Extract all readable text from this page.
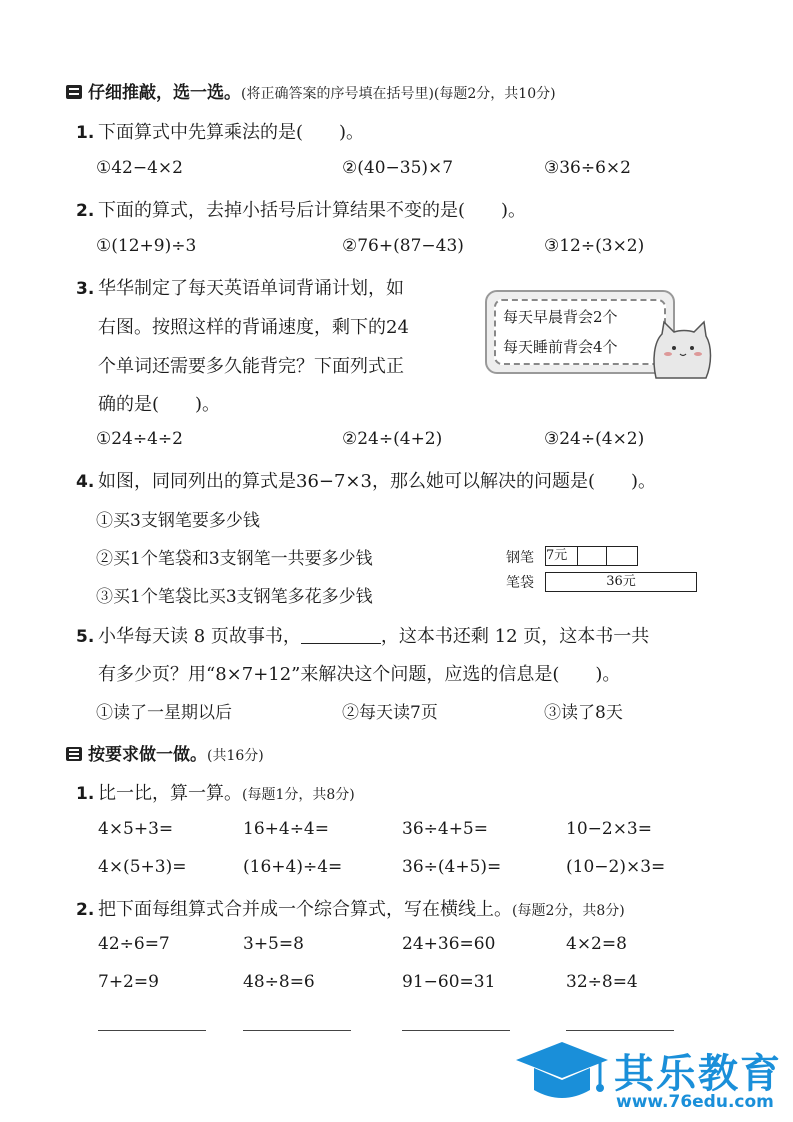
仔细推敲，选一选。(将正确答案的序号填在括号里)(每题2分，共10分)
1. 下面算式中先算乘法的是(　　)。
①42−4×2	②(40−35)×7	③36÷6×2
2. 下面的算式，去掉小括号后计算结果不变的是(　　)。
①(12+9)÷3	②76+(87−43)	③12÷(3×2)
3. 华华制定了每天英语单词背诵计划，如
右图。按照这样的背诵速度，剩下的24
个单词还需要多久能背完？下面列式正
确的是(　　)。
每天早晨背会2个
每天睡前背会4个
①24÷4÷2	②24÷(4+2)	③24÷(4×2)
4. 如图，同同列出的算式是36−7×3，那么她可以解决的问题是(　　)。
①买3支钢笔要多少钱
②买1个笔袋和3支钢笔一共要多少钱
③买1个笔袋比买3支钢笔多花多少钱
钢笔 7元
笔袋	36元
5. 小华每天读 8 页故事书，	，这本书还剩 12 页，这本书一共
有多少页？用“8×7+12”来解决这个问题，应选的信息是(　　)。
①读了一星期以后	②每天读7页	③读了8天
按要求做一做。(共16分)
1. 比一比，算一算。(每题1分，共8分)
4×5+3=	16+4÷4=	36÷4+5=	10−2×3=
4×(5+3)=	(16+4)÷4=	36÷(4+5)=	(10−2)×3=
2. 把下面每组算式合并成一个综合算式，写在横线上。(每题2分，共8分)
42÷6=7	3+5=8	24+36=60	4×2=8
7+2=9	48÷8=6	91−60=31	32÷8=4
其乐教育
www.76edu.com
